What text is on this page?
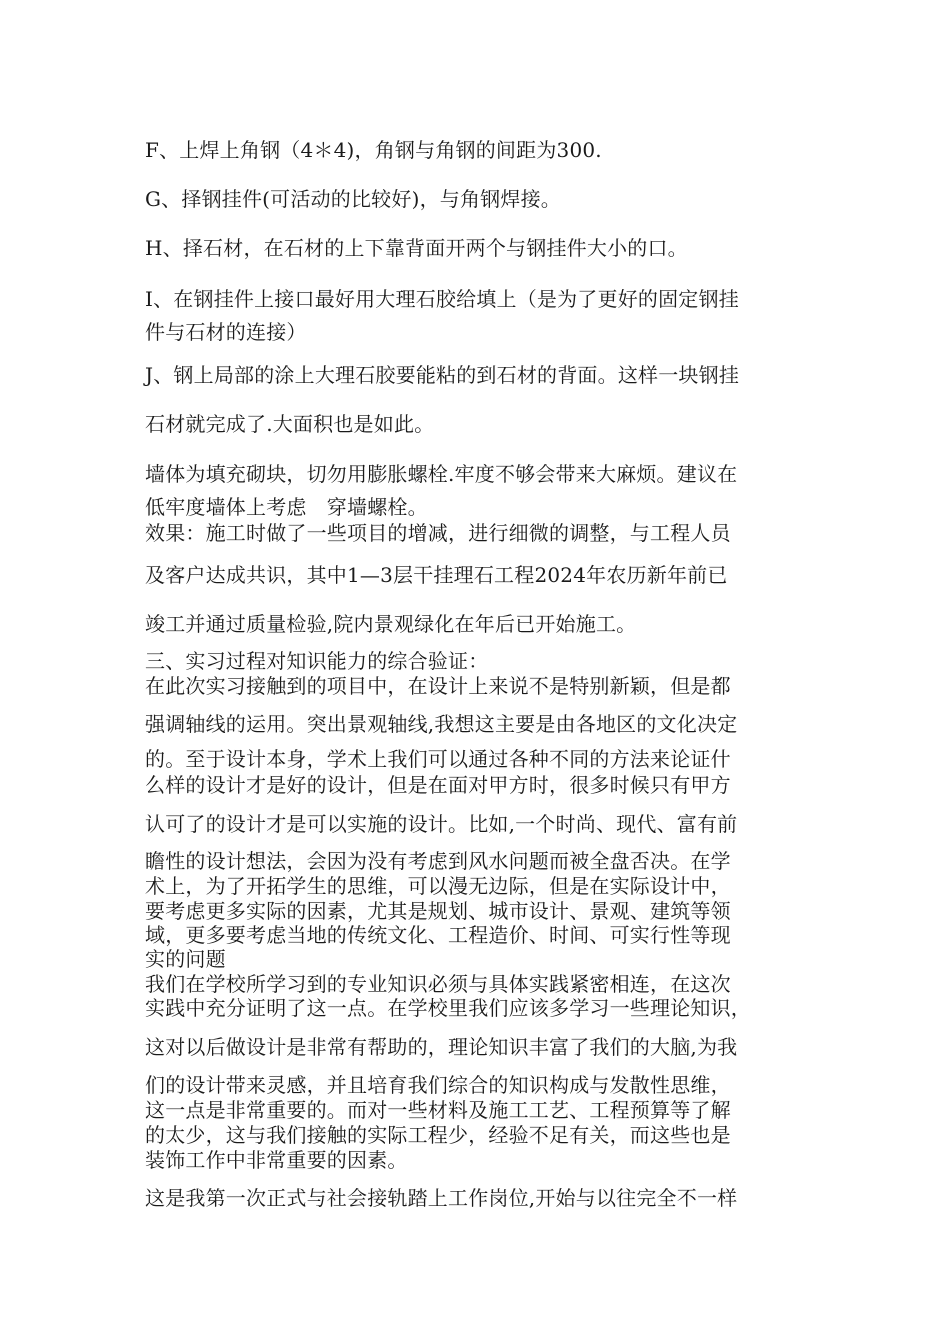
F、上焊上角钢（4＊4)，角钢与角钢的间距为300.
G、择钢挂件(可活动的比较好)，与角钢焊接。
H、择石材，在石材的上下靠背面开两个与钢挂件大小的口。
I、在钢挂件上接口最好用大理石胶给填上（是为了更好的固定钢挂
件与石材的连接）
J、钢上局部的涂上大理石胶要能粘的到石材的背面。这样一块钢挂
石材就完成了.大面积也是如此。
墙体为填充砌块，切勿用膨胀螺栓.牢度不够会带来大麻烦。建议在
低牢度墙体上考虑　穿墙螺栓。
效果：施工时做了一些项目的增减，进行细微的调整，与工程人员
及客户达成共识，其中1—3层干挂理石工程2024年农历新年前已
竣工并通过质量检验,院内景观绿化在年后已开始施工。
三、实习过程对知识能力的综合验证：
在此次实习接触到的项目中，在设计上来说不是特别新颖，但是都
强调轴线的运用。突出景观轴线,我想这主要是由各地区的文化决定
的。至于设计本身，学术上我们可以通过各种不同的方法来论证什
么样的设计才是好的设计，但是在面对甲方时，很多时候只有甲方
认可了的设计才是可以实施的设计。比如,一个时尚、现代、富有前
瞻性的设计想法，会因为没有考虑到风水问题而被全盘否决。在学
术上，为了开拓学生的思维，可以漫无边际，但是在实际设计中，
要考虑更多实际的因素，尤其是规划、城市设计、景观、建筑等领
域，更多要考虑当地的传统文化、工程造价、时间、可实行性等现
实的问题
我们在学校所学习到的专业知识必须与具体实践紧密相连，在这次
实践中充分证明了这一点。在学校里我们应该多学习一些理论知识，
这对以后做设计是非常有帮助的，理论知识丰富了我们的大脑,为我
们的设计带来灵感，并且培育我们综合的知识构成与发散性思维，
这一点是非常重要的。而对一些材料及施工工艺、工程预算等了解
的太少，这与我们接触的实际工程少，经验不足有关，而这些也是
装饰工作中非常重要的因素。
这是我第一次正式与社会接轨踏上工作岗位,开始与以往完全不一样
